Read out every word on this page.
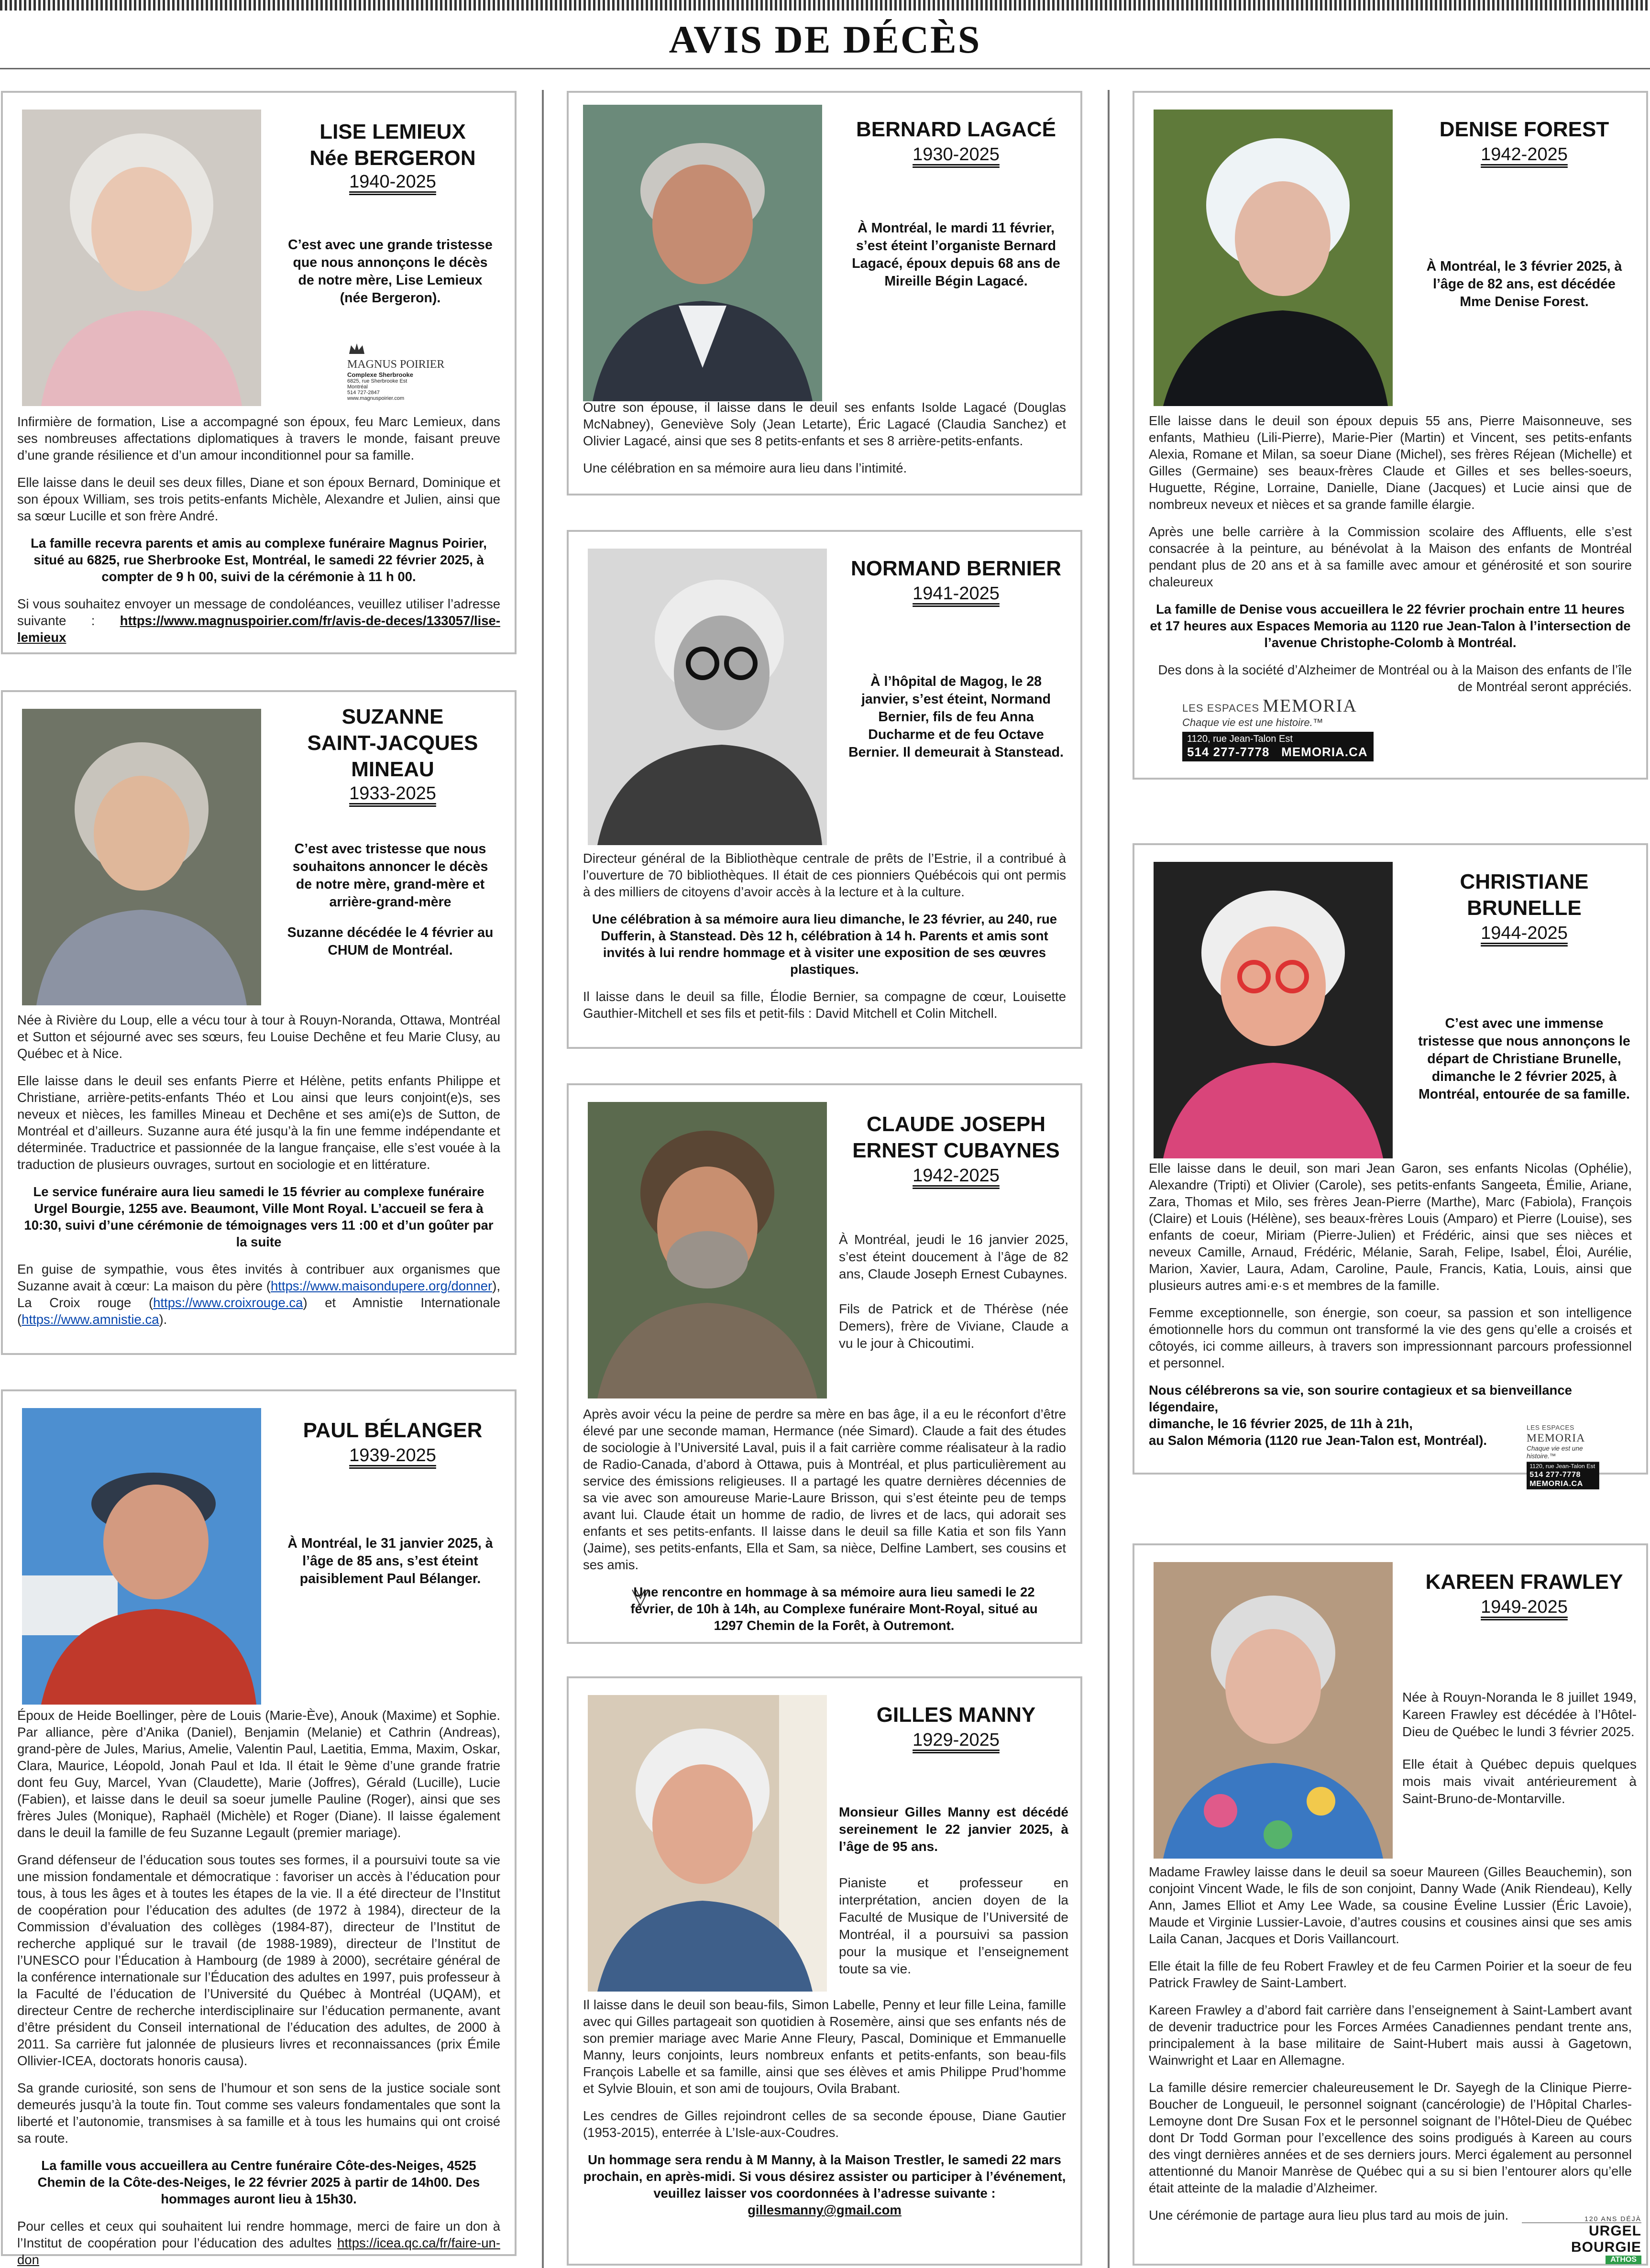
AVIS DE DÉCÈS
LISE LEMIEUX
Née BERGERON
1940-2025
C’est avec une grande tristesse que nous annonçons le décès de notre mère, Lise Lemieux (née Bergeron).
MAGNUS POIRIER
Complexe Sherbrooke
6825, rue Sherbrooke Est
Montréal
514 727-2847
www.magnuspoirier.com

Infirmière de formation, Lise a accompagné son époux, feu Marc Lemieux, dans ses nombreuses affectations diplomatiques à travers le monde, faisant preuve d’une grande résilience et d’un amour inconditionnel pour sa famille.

Elle laisse dans le deuil ses deux filles, Diane et son époux Bernard, Dominique et son époux William, ses trois petits-enfants Michèle, Alexandre et Julien, ainsi que sa sœur Lucille et son frère André.

La famille recevra parents et amis au complexe funéraire Magnus Poirier, situé au 6825, rue Sherbrooke Est, Montréal, le samedi 22 février 2025, à compter de 9 h 00, suivi de la cérémonie à 11 h 00.

Si vous souhaitez envoyer un message de condoléances, veuillez utiliser l’adresse suivante : https://www.magnuspoirier.com/fr/avis-de-deces/133057/lise-lemieux

SUZANNE
SAINT-JACQUES
MINEAU
1933-2025
C’est avec tristesse que nous souhaitons annoncer le décès de notre mère, grand-mère et arrière-grand-mère
Suzanne décédée le 4 février au CHUM de Montréal.

Née à Rivière du Loup, elle a vécu tour à tour à Rouyn-Noranda, Ottawa, Montréal et Sutton et séjourné avec ses sœurs, feu Louise Dechêne et feu Marie Clusy, au Québec et à Nice.

Elle laisse dans le deuil ses enfants Pierre et Hélène, petits enfants Philippe et Christiane, arrière-petits-enfants Théo et Lou ainsi que leurs conjoint(e)s, ses neveux et nièces, les familles Mineau et Dechêne et ses ami(e)s de Sutton, de Montréal et d’ailleurs. Suzanne aura été jusqu’à la fin une femme indépendante et déterminée. Traductrice et passionnée de la langue française, elle s’est vouée à la traduction de plusieurs ouvrages, surtout en sociologie et en littérature.

Le service funéraire aura lieu samedi le 15 février au complexe funéraire Urgel Bourgie, 1255 ave. Beaumont, Ville Mont Royal. L’accueil se fera à 10:30, suivi d’une cérémonie de témoignages vers 11 :00 et d’un goûter par la suite

En guise de sympathie, vous êtes invités à contribuer aux organismes que Suzanne avait à cœur: La maison du père (https://www.maisondupere.org/donner), La Croix rouge (https://www.croixrouge.ca) et Amnistie Internationale (https://www.amnistie.ca).

PAUL BÉLANGER
1939-2025
À Montréal, le 31 janvier 2025, à l’âge de 85 ans, s’est éteint paisiblement Paul Bélanger.

Époux de Heide Boellinger, père de Louis (Marie-Ève), Anouk (Maxime) et Sophie. Par alliance, père d’Anika (Daniel), Benjamin (Melanie) et Cathrin (Andreas), grand-père de Jules, Marius, Amelie, Valentin Paul, Laetitia, Emma, Maxim, Oskar, Clara, Maurice, Léopold, Jonah Paul et Ida. Il était le 9ème d’une grande fratrie dont feu Guy, Marcel, Yvan (Claudette), Marie (Joffres), Gérald (Lucille), Lucie (Fabien), et laisse dans le deuil sa soeur jumelle Pauline (Roger), ainsi que ses frères Jules (Monique), Raphaël (Michèle) et Roger (Diane). Il laisse également dans le deuil la famille de feu Suzanne Legault (premier mariage).

Grand défenseur de l’éducation sous toutes ses formes, il a poursuivi toute sa vie une mission fondamentale et démocratique : favoriser un accès à l’éducation pour tous, à tous les âges et à toutes les étapes de la vie. Il a été directeur de l’Institut de coopération pour l’éducation des adultes (de 1972 à 1984), directeur de la Commission d’évaluation des collèges (1984-87), directeur de l’Institut de recherche appliqué sur le travail (de 1988-1989), directeur de l’Institut de l’UNESCO pour l’Éducation à Hambourg (de 1989 à 2000), secrétaire général de la conférence internationale sur l’Éducation des adultes en 1997, puis professeur à la Faculté de l’éducation de l’Université du Québec à Montréal (UQAM), et directeur Centre de recherche interdisciplinaire sur l’éducation permanente, avant d’être président du Conseil international de l’éducation des adultes, de 2000 à 2011. Sa carrière fut jalonnée de plusieurs livres et reconnaissances (prix Émile Ollivier-ICEA, doctorats honoris causa).

Sa grande curiosité, son sens de l’humour et son sens de la justice sociale sont demeurés jusqu’à la toute fin. Tout comme ses valeurs fondamentales que sont la liberté et l’autonomie, transmises à sa famille et à tous les humains qui ont croisé sa route.

La famille vous accueillera au Centre funéraire Côte-des-Neiges, 4525 Chemin de la Côte-des-Neiges, le 22 février 2025 à partir de 14h00. Des hommages auront lieu à 15h30.

Pour celles et ceux qui souhaitent lui rendre hommage, merci de faire un don à l’Institut de coopération pour l’éducation des adultes https://icea.qc.ca/fr/faire-un-don

BERNARD LAGACÉ
1930-2025
À Montréal, le mardi 11 février, s’est éteint l’organiste Bernard Lagacé, époux depuis 68 ans de Mireille Bégin Lagacé.

Outre son épouse, il laisse dans le deuil ses enfants Isolde Lagacé (Douglas McNabney), Geneviève Soly (Jean Letarte), Éric Lagacé (Claudia Sanchez) et Olivier Lagacé, ainsi que ses 8 petits-enfants et ses 8 arrière-petits-enfants.

Une célébration en sa mémoire aura lieu dans l’intimité.

NORMAND BERNIER
1941-2025
À l’hôpital de Magog, le 28 janvier, s’est éteint, Normand Bernier, fils de feu Anna Ducharme et de feu Octave Bernier. Il demeurait à Stanstead.

Directeur général de la Bibliothèque centrale de prêts de l’Estrie, il a contribué à l’ouverture de 70 bibliothèques. Il était de ces pionniers Québécois qui ont permis à des milliers de citoyens d’avoir accès à la lecture et à la culture.

Une célébration à sa mémoire aura lieu dimanche, le 23 février, au 240, rue Dufferin, à Stanstead. Dès 12 h, célébration à 14 h. Parents et amis sont invités à lui rendre hommage et à visiter une exposition de ses œuvres plastiques.

Il laisse dans le deuil sa fille, Élodie Bernier, sa compagne de cœur, Louisette Gauthier-Mitchell et ses fils et petit-fils : David Mitchell et Colin Mitchell.

CLAUDE JOSEPH
ERNEST CUBAYNES
1942-2025
À Montréal, jeudi le 16 janvier 2025, s’est éteint doucement à l’âge de 82 ans, Claude Joseph Ernest Cubaynes.
Fils de Patrick et de Thérèse (née Demers), frère de Viviane, Claude a vu le jour à Chicoutimi.

Après avoir vécu la peine de perdre sa mère en bas âge, il a eu le réconfort d’être élevé par une seconde maman, Hermance (née Simard). Claude a fait des études de sociologie à l’Université Laval, puis il a fait carrière comme réalisateur à la radio de Radio-Canada, d’abord à Ottawa, puis à Montréal, et plus particulièrement au service des émissions religieuses. Il a partagé les quatre dernières décennies de sa vie avec son amoureuse Marie-Laure Brisson, qui s’est éteinte peu de temps avant lui. Claude était un homme de radio, de livres et de lacs, qui adorait ses enfants et ses petits-enfants. Il laisse dans le deuil sa fille Katia et son fils Yann (Jaime), ses petits-enfants, Ella et Sam, sa nièce, Delfine Lambert, ses cousins et ses amis.

Une rencontre en hommage à sa mémoire aura lieu samedi le 22 février, de 10h à 14h, au Complexe funéraire Mont-Royal, situé au 1297 Chemin de la Forêt, à Outremont.

GILLES MANNY
1929-2025
Monsieur Gilles Manny est décédé sereinement le 22 janvier 2025, à l’âge de 95 ans.
Pianiste et professeur en interprétation, ancien doyen de la Faculté de Musique de l’Université de Montréal, il a poursuivi sa passion pour la musique et l’enseignement toute sa vie.

Il laisse dans le deuil son beau-fils, Simon Labelle, Penny et leur fille Leina, famille avec qui Gilles partageait son quotidien à Rosemère, ainsi que ses enfants nés de son premier mariage avec Marie Anne Fleury, Pascal, Dominique et Emmanuelle Manny, leurs conjoints, leurs nombreux enfants et petits-enfants, son beau-fils François Labelle et sa famille, ainsi que ses élèves et amis Philippe Prud’homme et Sylvie Blouin, et son ami de toujours, Ovila Brabant.

Les cendres de Gilles rejoindront celles de sa seconde épouse, Diane Gautier (1953-2015), enterrée à L’Isle-aux-Coudres.

Un hommage sera rendu à M Manny, à la Maison Trestler, le samedi 22 mars prochain, en après-midi. Si vous désirez assister ou participer à l’événement, veuillez laisser vos coordonnées à l’adresse suivante :
gillesmanny@gmail.com

DENISE FOREST
1942-2025
À Montréal, le 3 février 2025, à l’âge de 82 ans, est décédée Mme Denise Forest.

Elle laisse dans le deuil son époux depuis 55 ans, Pierre Maisonneuve, ses enfants, Mathieu (Lili-Pierre), Marie-Pier (Martin) et Vincent, ses petits-enfants Alexia, Romane et Milan, sa soeur Diane (Michel), ses frères Réjean (Michelle) et Gilles (Germaine) ses beaux-frères Claude et Gilles et ses belles-soeurs, Huguette, Régine, Lorraine, Danielle, Diane (Jacques) et Lucie ainsi que de nombreux neveux et nièces et sa grande famille élargie.

Après une belle carrière à la Commission scolaire des Affluents, elle s’est consacrée à la peinture, au bénévolat à la Maison des enfants de Montréal pendant plus de 20 ans et à sa famille avec amour et générosité et son sourire chaleureux

La famille de Denise vous accueillera le 22 février prochain entre 11 heures et 17 heures aux Espaces Memoria au 1120 rue Jean-Talon à l’intersection de l’avenue Christophe-Colomb à Montréal.

Des dons à la société d’Alzheimer de Montréal ou à la Maison des enfants de l’île de Montréal seront appréciés.

LES ESPACES MEMORIA
Chaque vie est une histoire.™
1120, rue Jean-Talon Est
514 277-7778 MEMORIA.CA
CHRISTIANE
BRUNELLE
1944-2025
C’est avec une immense tristesse que nous annonçons le départ de Christiane Brunelle, dimanche le 2 février 2025, à Montréal, entourée de sa famille.

Elle laisse dans le deuil, son mari Jean Garon, ses enfants Nicolas (Ophélie), Alexandre (Tripti) et Olivier (Carole), ses petits-enfants Sangeeta, Émilie, Ariane, Zara, Thomas et Milo, ses frères Jean-Pierre (Marthe), Marc (Fabiola), François (Claire) et Louis (Hélène), ses beaux-frères Louis (Amparo) et Pierre (Louise), ses enfants de coeur, Miriam (Pierre-Julien) et Frédéric, ainsi que ses nièces et neveux Camille, Arnaud, Frédéric, Mélanie, Sarah, Felipe, Isabel, Éloi, Aurélie, Marion, Xavier, Laura, Adam, Caroline, Paule, Francis, Katia, Louis, ainsi que plusieurs autres ami·e·s et membres de la famille.

Femme exceptionnelle, son énergie, son coeur, sa passion et son intelligence émotionnelle hors du commun ont transformé la vie des gens qu’elle a croisés et côtoyés, ici comme ailleurs, à travers son impressionnant parcours professionnel et personnel.

Nous célébrerons sa vie, son sourire contagieux et sa bienveillance légendaire,
dimanche, le 16 février 2025, de 11h à 21h,
au Salon Mémoria (1120 rue Jean-Talon est, Montréal).

LES ESPACES MEMORIA
Chaque vie est une histoire.™
1120, rue Jean-Talon Est
514 277-7778 MEMORIA.CA
KAREEN FRAWLEY
1949-2025
Née à Rouyn-Noranda le 8 juillet 1949, Kareen Frawley est décédée à l’Hôtel-Dieu de Québec le lundi 3 février 2025.
Elle était à Québec depuis quelques mois mais vivait antérieurement à Saint-Bruno-de-Montarville.

Madame Frawley laisse dans le deuil sa soeur Maureen (Gilles Beauchemin), son conjoint Vincent Wade, le fils de son conjoint, Danny Wade (Anik Riendeau), Kelly Ann, James Elliot et Amy Lee Wade, sa cousine Éveline Lussier (Éric Lavoie), Maude et Virginie Lussier-Lavoie, d’autres cousins et cousines ainsi que ses amis Laila Canan, Jacques et Doris Vaillancourt.

Elle était la fille de feu Robert Frawley et de feu Carmen Poirier et la soeur de feu Patrick Frawley de Saint-Lambert.

Kareen Frawley a d’abord fait carrière dans l’enseignement à Saint-Lambert avant de devenir traductrice pour les Forces Armées Canadiennes pendant trente ans, principalement à la base militaire de Saint-Hubert mais aussi à Gagetown, Wainwright et Laar en Allemagne.

La famille désire remercier chaleureusement le Dr. Sayegh de la Clinique Pierre-Boucher de Longueuil, le personnel soignant (cancérologie) de l’Hôpital Charles-Lemoyne dont Dre Susan Fox et le personnel soignant de l’Hôtel-Dieu de Québec dont Dr Todd Gorman pour l’excellence des soins prodigués à Kareen au cours des vingt dernières années et de ses derniers jours. Merci également au personnel attentionné du Manoir Manrèse de Québec qui a su si bien l’entourer alors qu’elle était atteinte de la maladie d’Alzheimer.

Une cérémonie de partage aura lieu plus tard au mois de juin.	120 ANS DÉJÀ
URGEL BOURGIE
ATHOS
